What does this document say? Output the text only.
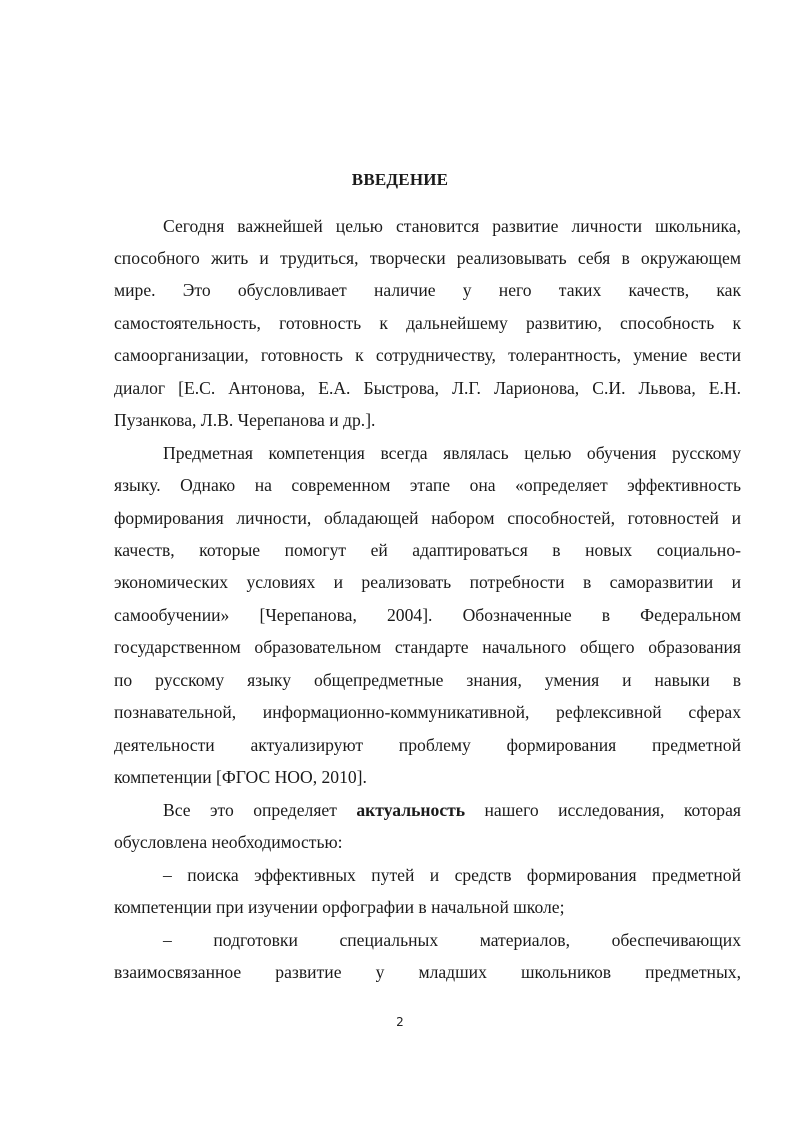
ВВЕДЕНИЕ
Сегодня важнейшей целью становится развитие личности школьника,
способного жить и трудиться, творчески реализовывать себя в окружающем
мире. Это обусловливает наличие у него таких качеств, как
самостоятельность, готовность к дальнейшему развитию, способность к
самоорганизации, готовность к сотрудничеству, толерантность, умение вести
диалог [Е.С. Антонова, Е.А. Быстрова, Л.Г. Ларионова, С.И. Львова, Е.Н.
Пузанкова, Л.В. Черепанова и др.].
Предметная компетенция всегда являлась целью обучения русскому
языку. Однако на современном этапе она «определяет эффективность
формирования личности, обладающей набором способностей, готовностей и
качеств, которые помогут ей адаптироваться в новых социально-
экономических условиях и реализовать потребности в саморазвитии и
самообучении» [Черепанова, 2004]. Обозначенные в Федеральном
государственном образовательном стандарте начального общего образования
по русскому языку общепредметные знания, умения и навыки в
познавательной, информационно-коммуникативной, рефлексивной сферах
деятельности актуализируют проблему формирования предметной
компетенции [ФГОС НОО, 2010].
Все это определяет актуальность нашего исследования, которая
обусловлена необходимостью:
– поиска эффективных путей и средств формирования предметной
компетенции при изучении орфографии в начальной школе;
– подготовки специальных материалов, обеспечивающих
взаимосвязанное развитие у младших школьников предметных,
2
